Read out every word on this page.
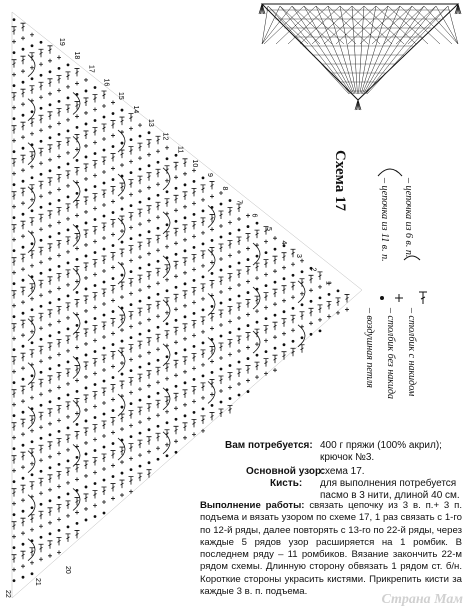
19
18
17
16
15
14
13
12
11
10
9
8
7
6
5
4
3
2
1
20
21
22
Схема 17
– воздушная петля – столбик без накида – столбик с накидом
– цепочка из 11 в. п. – цепочка из 6 в. п.
Вам потребуется: 400 г пряжи (100% акрил); крючок №3.
Основной узор:
схема 17.
Кисть: для выполнения потребуется пасмо в 3 нити, длиной 40 см.
Выполнение работы: связать цепочку из 3 в. п.+ 3 п. подъема и вязать узором по схеме 17, 1 раз связать с 1-го по 12-й ряды, далее повторять с 13-го по 22-й ряды, через каждые 5 рядов узор расширяется на 1 ромбик. В последнем ряду – 11 ромбиков. Вязание закончить 22-м рядом схемы. Длинную сторону обвязать 1 рядом ст. б/н. Короткие стороны украсить кистями. Прикрепить кисти за каждые 3 в. п. подъема.
Страна Мам
